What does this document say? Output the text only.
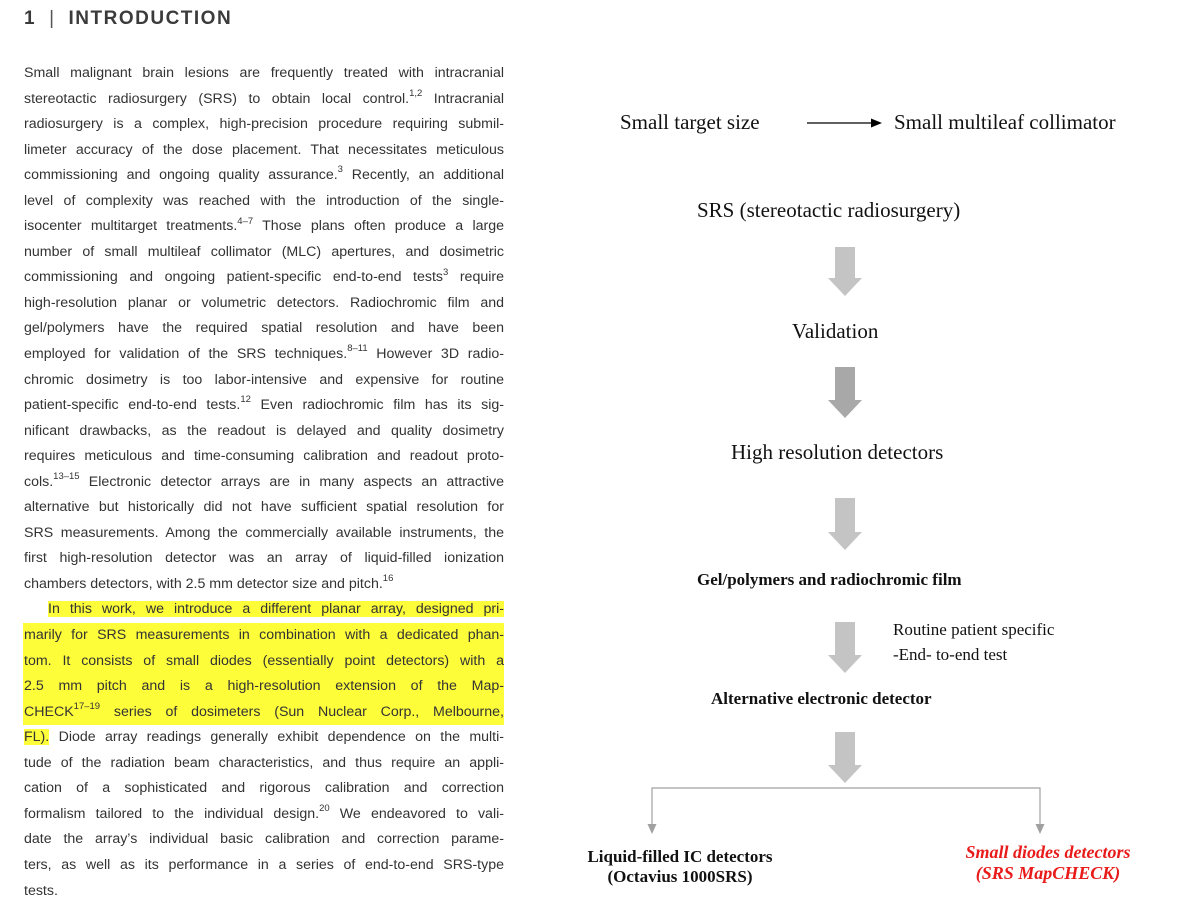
1 | INTRODUCTION
Small malignant brain lesions are frequently treated with intracranial
stereotactic radiosurgery (SRS) to obtain local control.$^{1,2}$ Intracranial
radiosurgery is a complex, high-precision procedure requiring submil-
limeter accuracy of the dose placement. That necessitates meticulous
commissioning and ongoing quality assurance.$^3$ Recently, an additional
level of complexity was reached with the introduction of the single-
isocenter multitarget treatments.$^{4-7}$ Those plans often produce a large
number of small multileaf collimator (MLC) apertures, and dosimetric
commissioning and ongoing patient-specific end-to-end tests$^3$ require
high-resolution planar or volumetric detectors. Radiochromic film and
gel/polymers have the required spatial resolution and have been
employed for validation of the SRS techniques.$^{8-11}$ However 3D radio-
chromic dosimetry is too labor-intensive and expensive for routine
patient-specific end-to-end tests.$^{12}$ Even radiochromic film has its sig-
nificant drawbacks, as the readout is delayed and quality dosimetry
requires meticulous and time-consuming calibration and readout proto-
cols.$^{13-15}$ Electronic detector arrays are in many aspects an attractive
alternative but historically did not have sufficient spatial resolution for
SRS measurements. Among the commercially available instruments, the
first high-resolution detector was an array of liquid-filled ionization
chambers detectors, with 2.5 mm detector size and pitch.$^{16}$
In this work, we introduce a different planar array, designed pri-
marily for SRS measurements in combination with a dedicated phan-
tom. It consists of small diodes (essentially point detectors) with a
2.5 mm pitch and is a high-resolution extension of the Map-
CHECK$^{17-19}$ series of dosimeters (Sun Nuclear Corp., Melbourne,
FL). Diode array readings generally exhibit dependence on the multi-
tude of the radiation beam characteristics, and thus require an appli-
cation of a sophisticated and rigorous calibration and correction
formalism tailored to the individual design.$^{20}$ We endeavored to vali-
date the array’s individual basic calibration and correction parame-
ters, as well as its performance in a series of end-to-end SRS-type
tests.
Small target size	Small multileaf collimator
SRS (stereotactic radiosurgery)
Validation
High resolution detectors
Gel/polymers and radiochromic film
Routine patient specific
-End- to-end test
Alternative electronic detector
Liquid-filled IC detectors
(Octavius 1000SRS)
Small diodes detectors
(SRS MapCHECK)
